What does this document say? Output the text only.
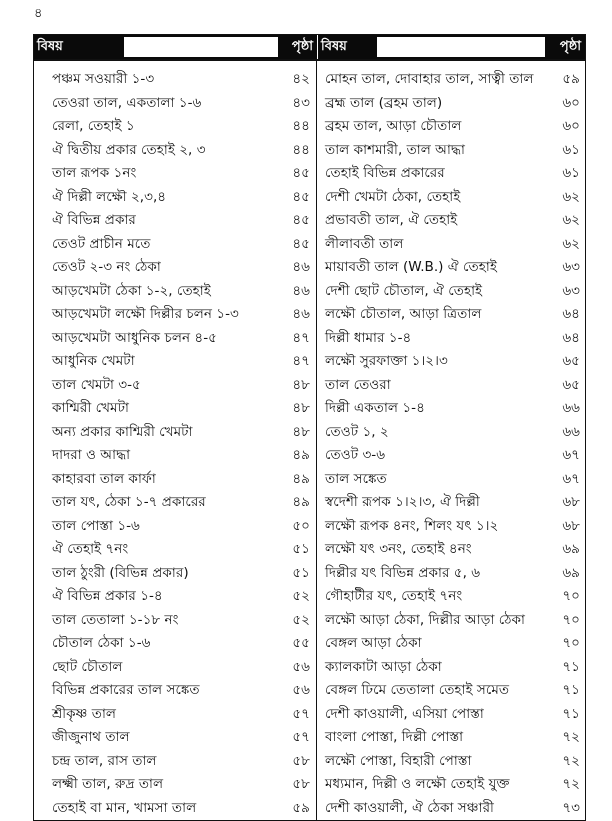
৪
বিষয়	পৃষ্ঠা বিষয়	পৃষ্ঠা
পঞ্চম সওয়ারী ১-৩	৪২
তেওরা তাল, একতালা ১-৬	৪৩
রেলা, তেহাই ১	৪৪
ঐ দ্বিতীয় প্রকার তেহাই ২, ৩	৪৪
তাল রূপক ১নং	৪৫
ঐ দিল্লী লক্ষৌ ২,৩,৪	৪৫
ঐ বিভিন্ন প্রকার	৪৫
তেওট প্রাচীন মতে	৪৫
তেওট ২-৩ নং ঠেকা	৪৬
আড়খেমটা ঠেকা ১-২, তেহাই	৪৬
আড়খেমটা লক্ষৌ দিল্লীর চলন ১-৩	৪৬
আড়খেমটা আধুনিক চলন ৪-৫	৪৭
আধুনিক খেমটা	৪৭
তাল খেমটা ৩-৫	৪৮
কাশ্মিরী খেমটা	৪৮
অন্য প্রকার কাশ্মিরী খেমটা	৪৮
দাদরা ও আদ্ধা	৪৯
কাহারবা তাল কার্ফা	৪৯
তাল যৎ, ঠেকা ১-৭ প্রকারের	৪৯
তাল পোস্তা ১-৬	৫০
ঐ তেহাই ৭নং	৫১
তাল ঠুংরী (বিভিন্ন প্রকার)	৫১
ঐ বিভিন্ন প্রকার ১-৪	৫২
তাল তেতালা ১-১৮ নং	৫২
চৌতাল ঠেকা ১-৬	৫৫
ছোট চৌতাল	৫৬
বিভিন্ন প্রকারের তাল সঙ্কেত	৫৬
শ্রীকৃষ্ণ তাল	৫৭
জীজুনাথ তাল	৫৭
চন্দ্র তাল, রাস তাল	৫৮
লক্ষ্মী তাল, রুদ্র তাল	৫৮
তেহাই বা মান, খামসা তাল	৫৯
মোহন তাল, দোবাহার তাল, সাত্বী তাল	৫৯
ব্রহ্ম তাল (ব্রহম তাল)	৬০
ব্রহম তাল, আড়া চৌতাল	৬০
তাল কাশমারী, তাল আদ্ধা	৬১
তেহাই বিভিন্ন প্রকারের	৬১
দেশী খেমটা ঠেকা, তেহাই	৬২
প্রভাবতী তাল, ঐ তেহাই	৬২
লীলাবতী তাল	৬২
মায়াবতী তাল (W.B.) ঐ তেহাই	৬৩
দেশী ছোট চৌতাল, ঐ তেহাই	৬৩
লক্ষৌ চৌতাল, আড়া ত্রিতাল	৬৪
দিল্লী ধামার ১-৪	৬৪
লক্ষৌ সুরফাক্তা ১।২।৩	৬৫
তাল তেওরা	৬৫
দিল্লী একতাল ১-৪	৬৬
তেওট ১, ২	৬৬
তেওট ৩-৬	৬৭
তাল সঙ্কেত	৬৭
স্বদেশী রূপক ১।২।৩, ঐ দিল্লী	৬৮
লক্ষৌ রূপক ৪নং, শিলং যৎ ১।২	৬৮
লক্ষৌ যৎ ৩নং, তেহাই ৪নং	৬৯
দিল্লীর যৎ বিভিন্ন প্রকার ৫, ৬	৬৯
গৌহাটীর যৎ, তেহাই ৭নং	৭০
লক্ষৌ আড়া ঠেকা, দিল্লীর আড়া ঠেকা	৭০
বেঙ্গল আড়া ঠেকা	৭০
ক্যালকাটা আড়া ঠেকা	৭১
বেঙ্গল ঢিমে তেতালা তেহাই সমেত	৭১
দেশী কাওয়ালী, এসিয়া পোস্তা	৭১
বাংলা পোস্তা, দিল্লী পোস্তা	৭২
লক্ষৌ পোস্তা, বিহারী পোস্তা	৭২
মধ্যমান, দিল্লী ও লক্ষৌ তেহাই যুক্ত	৭২
দেশী কাওয়ালী, ঐ ঠেকা সঞ্চারী	৭৩
